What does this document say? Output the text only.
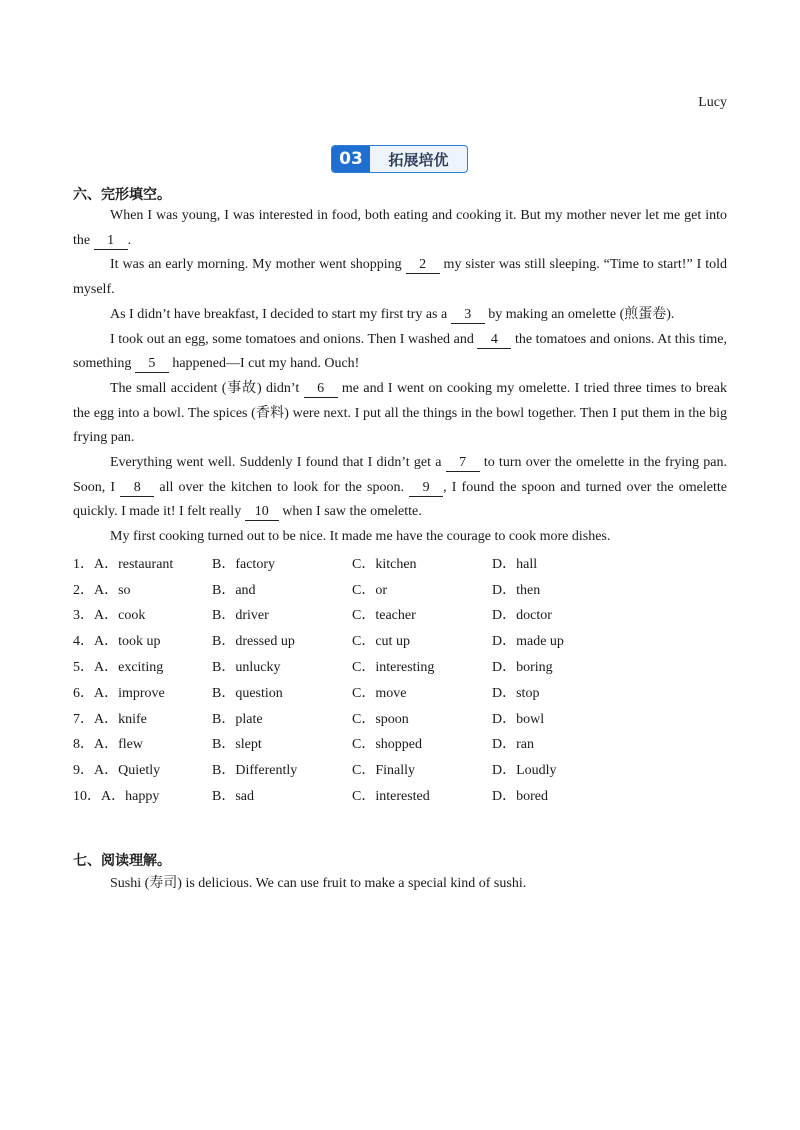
Lucy
03	拓展培优
六、完形填空。

When I was young, I was interested in food, both eating and cooking it. But my mother never let me get into the 1 .

It was an early morning. My mother went shopping 2 my sister was still sleeping. “Time to start!” I told myself.

As I didn’t have breakfast, I decided to start my first try as a 3 by making an omelette (煎蛋卷).

I took out an egg, some tomatoes and onions. Then I washed and 4 the tomatoes and onions. At this time, something 5 happened—I cut my hand. Ouch!

The small accident (事故) didn’t 6 me and I went on cooking my omelette. I tried three times to break the egg into a bowl. The spices (香料) were next. I put all the things in the bowl together. Then I put them in the big frying pan.

Everything went well. Suddenly I found that I didn’t get a 7 to turn over the omelette in the frying pan. Soon, I 8 all over the kitchen to look for the spoon. 9 , I found the spoon and turned over the omelette quickly. I made it! I felt really 10 when I saw the omelette.

My first cooking turned out to be nice. It made me have the courage to cook more dishes.

1． A．restaurant	B．factory	C．kitchen	D．hall
2． A．so	B．and	C．or	D．then
3． A．cook	B．driver	C．teacher	D．doctor
4． A．took up	B．dressed up	C．cut up	D．made up
5． A．exciting	B．unlucky	C．interesting	D．boring
6． A．improve	B．question	C．move	D．stop
7． A．knife	B．plate	C．spoon	D．bowl
8． A．flew	B．slept	C．shopped	D．ran
9． A．Quietly	B．Differently	C．Finally	D．Loudly
10． A．happy	B．sad	C．interested	D．bored
七、阅读理解。
Sushi (寿司) is delicious. We can use fruit to make a special kind of sushi.
